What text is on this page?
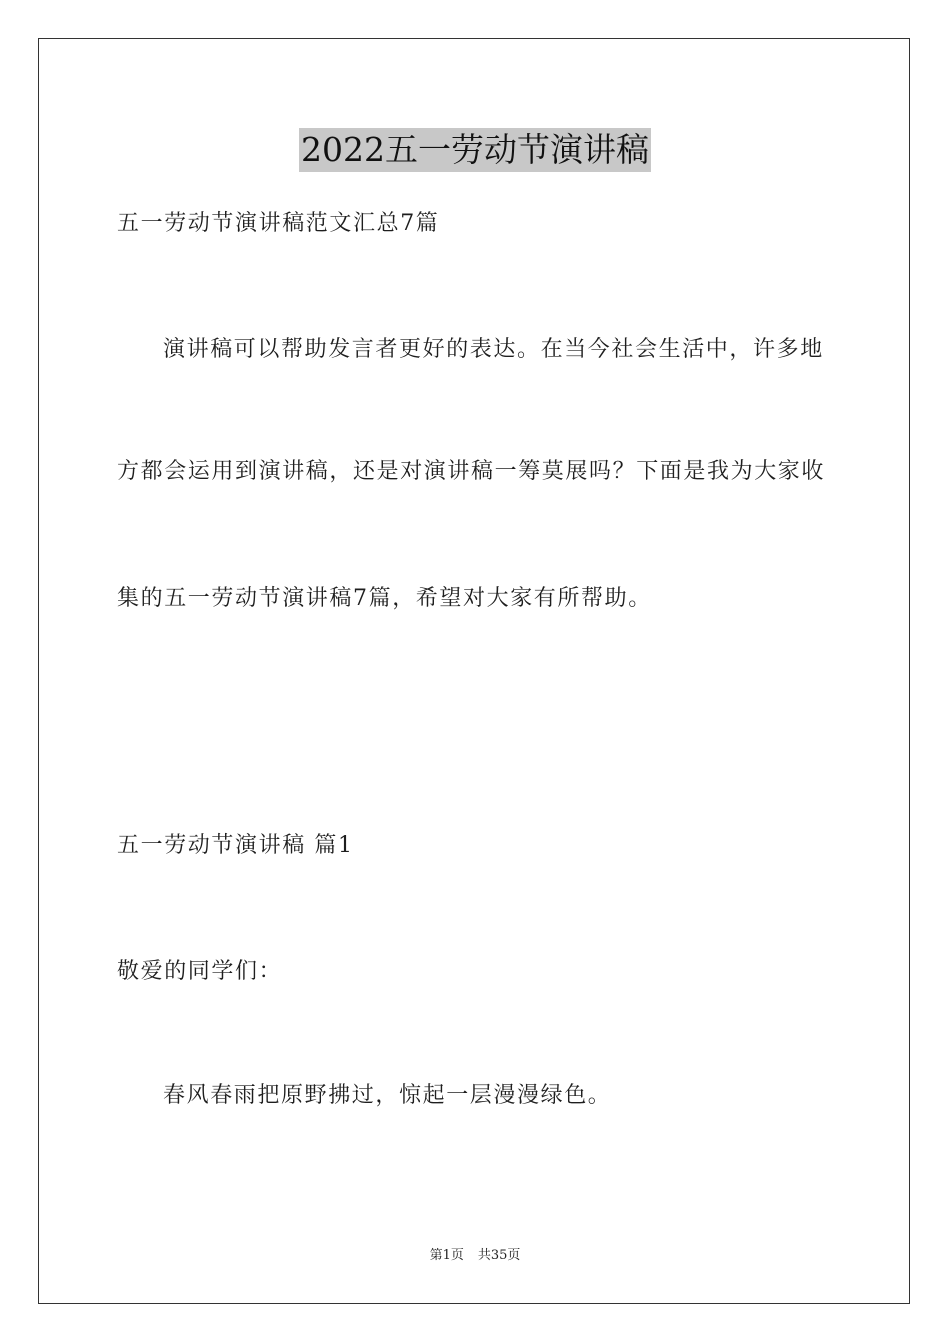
2022五一劳动节演讲稿
五一劳动节演讲稿范文汇总7篇
演讲稿可以帮助发言者更好的表达。在当今社会生活中，许多地
方都会运用到演讲稿，还是对演讲稿一筹莫展吗？下面是我为大家收
集的五一劳动节演讲稿7篇，希望对大家有所帮助。
五一劳动节演讲稿 篇1
敬爱的同学们：
春风春雨把原野拂过，惊起一层漫漫绿色。
第1页 共35页
